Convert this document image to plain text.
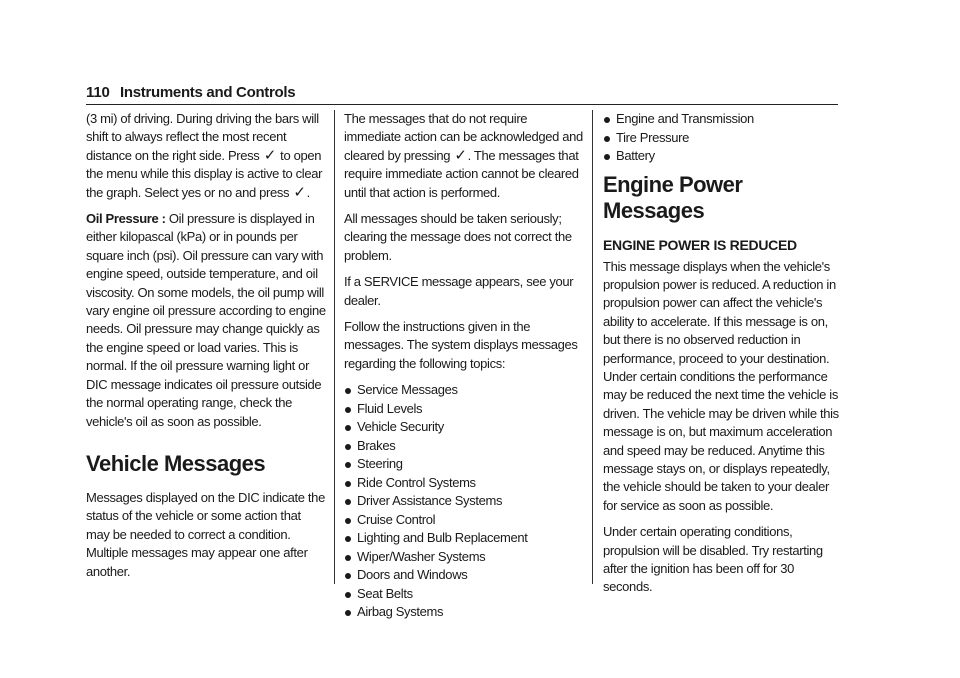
110 Instruments and Controls

(3 mi) of driving. During driving the bars will shift to always reflect the most recent distance on the right side. Press ✓ to open the menu while this display is active to clear the graph. Select yes or no and press ✓.

Oil Pressure : Oil pressure is displayed in either kilopascal (kPa) or in pounds per square inch (psi). Oil pressure can vary with engine speed, outside temperature, and oil viscosity. On some models, the oil pump will vary engine oil pressure according to engine needs. Oil pressure may change quickly as the engine speed or load varies. This is normal. If the oil pressure warning light or DIC message indicates oil pressure outside the normal operating range, check the vehicle's oil as soon as possible.

Vehicle Messages

Messages displayed on the DIC indicate the status of the vehicle or some action that may be needed to correct a condition. Multiple messages may appear one after another.

The messages that do not require immediate action can be acknowledged and cleared by pressing ✓. The messages that require immediate action cannot be cleared until that action is performed.

All messages should be taken seriously; clearing the message does not correct the problem.

If a SERVICE message appears, see your dealer.

Follow the instructions given in the messages. The system displays messages regarding the following topics:

Service Messages
Fluid Levels
Vehicle Security
Brakes
Steering
Ride Control Systems
Driver Assistance Systems
Cruise Control
Lighting and Bulb Replacement
Wiper/Washer Systems
Doors and Windows
Seat Belts
Airbag Systems
Engine and Transmission
Tire Pressure
Battery
Engine Power Messages
ENGINE POWER IS REDUCED

This message displays when the vehicle's propulsion power is reduced. A reduction in propulsion power can affect the vehicle's ability to accelerate. If this message is on, but there is no observed reduction in performance, proceed to your destination. Under certain conditions the performance may be reduced the next time the vehicle is driven. The vehicle may be driven while this message is on, but maximum acceleration and speed may be reduced. Anytime this message stays on, or displays repeatedly, the vehicle should be taken to your dealer for service as soon as possible.

Under certain operating conditions, propulsion will be disabled. Try restarting after the ignition has been off for 30 seconds.
